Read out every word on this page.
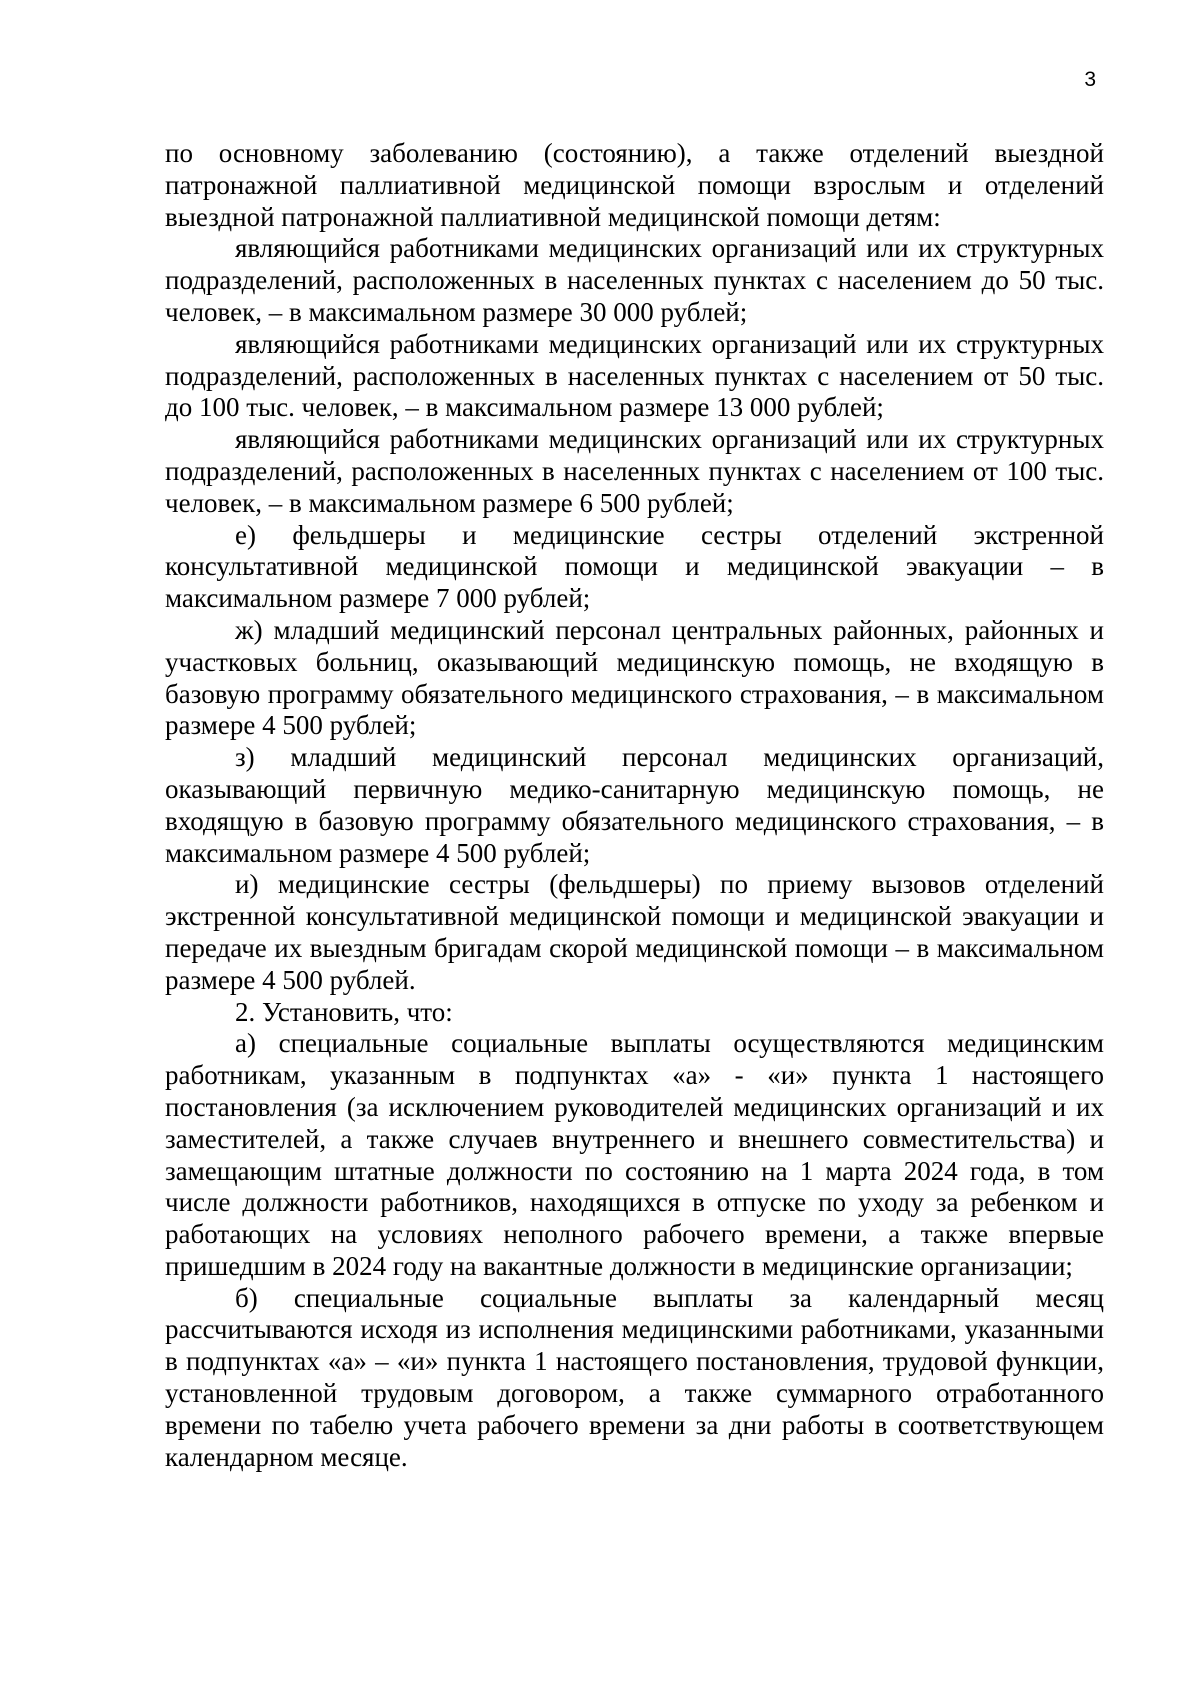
3

по основному заболеванию (состоянию), а также отделений выездной патронажной паллиативной медицинской помощи взрослым и отделений выездной патронажной паллиативной медицинской помощи детям:

являющийся работниками медицинских организаций или их структурных подразделений, расположенных в населенных пунктах с населением до 50 тыс. человек, – в максимальном размере 30 000 рублей;

являющийся работниками медицинских организаций или их структурных подразделений, расположенных в населенных пунктах с населением от 50 тыс. до 100 тыс. человек, – в максимальном размере 13 000 рублей;

являющийся работниками медицинских организаций или их структурных подразделений, расположенных в населенных пунктах с населением от 100 тыс. человек, – в максимальном размере 6 500 рублей;

е) фельдшеры и медицинские сестры отделений экстренной консультативной медицинской помощи и медицинской эвакуации – в максимальном размере 7 000 рублей;

ж) младший медицинский персонал центральных районных, районных и участковых больниц, оказывающий медицинскую помощь, не входящую в базовую программу обязательного медицинского страхования, – в максимальном размере 4 500 рублей;

з) младший медицинский персонал медицинских организаций, оказывающий первичную медико-санитарную медицинскую помощь, не входящую в базовую программу обязательного медицинского страхования, – в максимальном размере 4 500 рублей;

и) медицинские сестры (фельдшеры) по приему вызовов отделений экстренной консультативной медицинской помощи и медицинской эвакуации и передаче их выездным бригадам скорой медицинской помощи – в максимальном размере 4 500 рублей.

2. Установить, что:

а) специальные социальные выплаты осуществляются медицинским работникам, указанным в подпунктах «а» - «и» пункта 1 настоящего постановления (за исключением руководителей медицинских организаций и их заместителей, а также случаев внутреннего и внешнего совместительства) и замещающим штатные должности по состоянию на 1 марта 2024 года, в том числе должности работников, находящихся в отпуске по уходу за ребенком и работающих на условиях неполного рабочего времени, а также впервые пришедшим в 2024 году на вакантные должности в медицинские организации;

б) специальные социальные выплаты за календарный месяц рассчитываются исходя из исполнения медицинскими работниками, указанными в подпунктах «а» – «и» пункта 1 настоящего постановления, трудовой функции, установленной трудовым договором, а также суммарного отработанного времени по табелю учета рабочего времени за дни работы в соответствующем календарном месяце.
